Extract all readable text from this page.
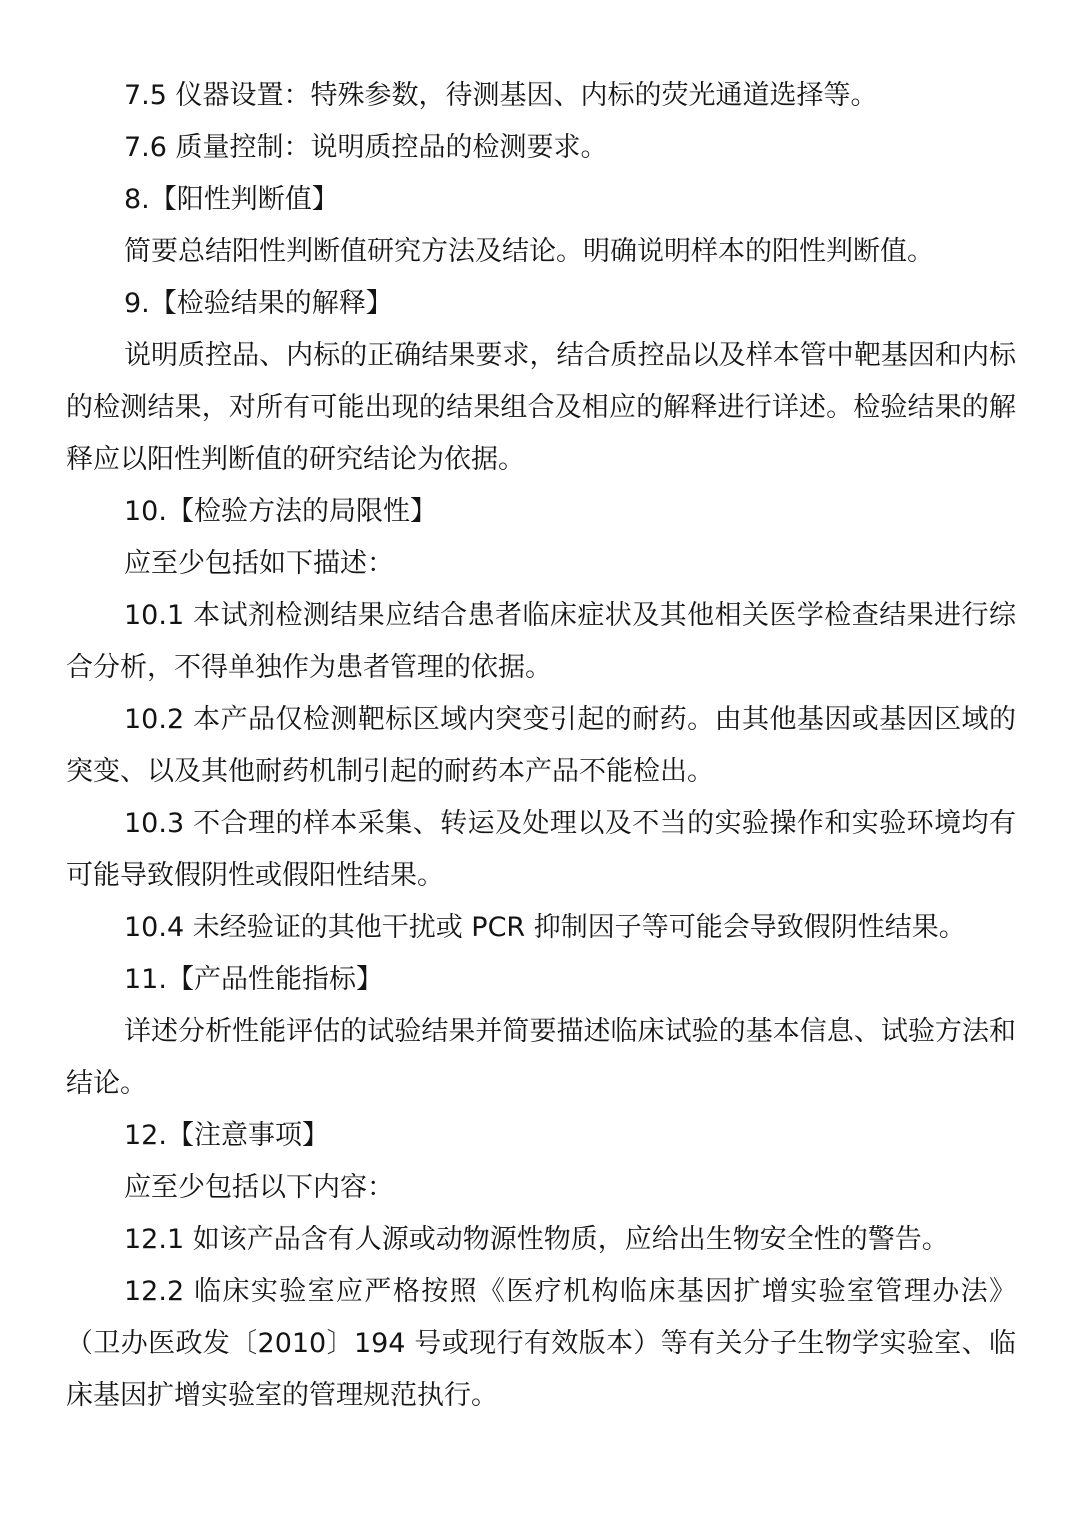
7.5 仪器设置：特殊参数，待测基因、内标的荧光通道选择等。

7.6 质量控制：说明质控品的检测要求。

8.【阳性判断值】

简要总结阳性判断值研究方法及结论。明确说明样本的阳性判断值。

9.【检验结果的解释】

说明质控品、内标的正确结果要求，结合质控品以及样本管中靶基因和内标的检测结果，对所有可能出现的结果组合及相应的解释进行详述。检验结果的解释应以阳性判断值的研究结论为依据。

10.【检验方法的局限性】

应至少包括如下描述：

10.1 本试剂检测结果应结合患者临床症状及其他相关医学检查结果进行综合分析，不得单独作为患者管理的依据。

10.2 本产品仅检测靶标区域内突变引起的耐药。由其他基因或基因区域的突变、以及其他耐药机制引起的耐药本产品不能检出。

10.3 不合理的样本采集、转运及处理以及不当的实验操作和实验环境均有可能导致假阴性或假阳性结果。

10.4 未经验证的其他干扰或 PCR 抑制因子等可能会导致假阴性结果。

11.【产品性能指标】

详述分析性能评估的试验结果并简要描述临床试验的基本信息、试验方法和结论。

12.【注意事项】

应至少包括以下内容：

12.1 如该产品含有人源或动物源性物质，应给出生物安全性的警告。

12.2 临床实验室应严格按照《医疗机构临床基因扩增实验室管理办法》（卫办医政发〔2010〕194 号或现行有效版本）等有关分子生物学实验室、临床基因扩增实验室的管理规范执行。
